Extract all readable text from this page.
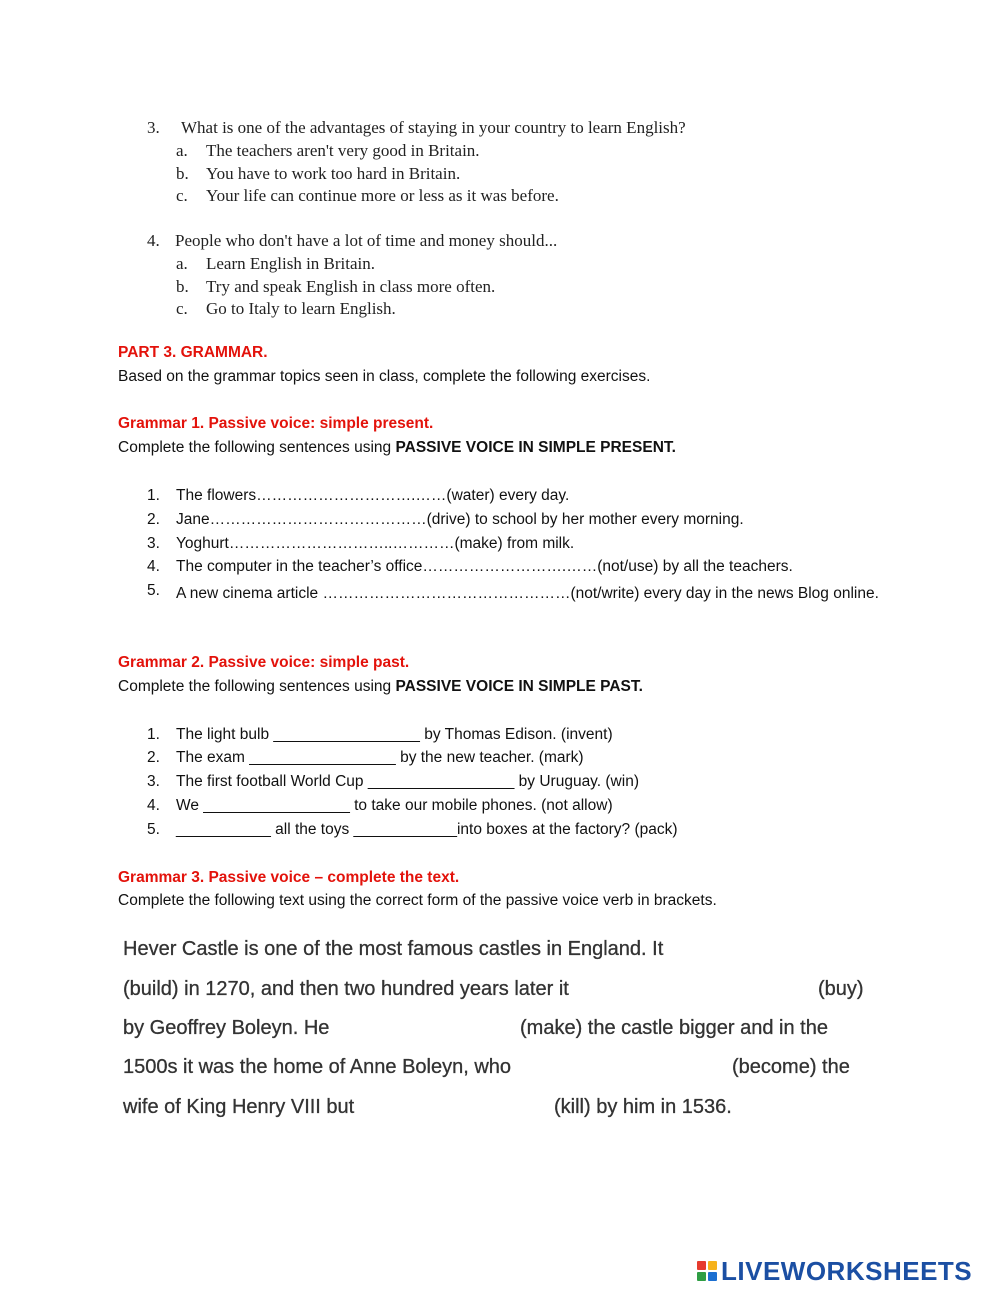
3. What is one of the advantages of staying in your country to learn English?
a. The teachers aren't very good in Britain.
b. You have to work too hard in Britain.
c. Your life can continue more or less as it was before.
4. People who don't have a lot of time and money should...
a. Learn English in Britain.
b. Try and speak English in class more often.
c. Go to Italy to learn English.
PART 3. GRAMMAR.
Based on the grammar topics seen in class, complete the following exercises.
Grammar 1. Passive voice: simple present.
Complete the following sentences using PASSIVE VOICE IN SIMPLE PRESENT.
1. The flowers………………………….……(water) every day.
2. Jane……………………………………(drive) to school by her mother every morning.
3. Yoghurt…………………………..…………(make) from milk.
4. The computer in the teacher’s office……………………….……(not/use) by all the teachers.
5. A new cinema article …………………………………………(not/write) every day in the news Blog online.
Grammar 2. Passive voice: simple past.
Complete the following sentences using PASSIVE VOICE IN SIMPLE PAST.
1. The light bulb _________________ by Thomas Edison. (invent)
2. The exam _________________ by the new teacher. (mark)
3. The first football World Cup _________________ by Uruguay. (win)
4. We _________________ to take our mobile phones. (not allow)
5. ___________ all the toys ____________into boxes at the factory? (pack)
Grammar 3. Passive voice – complete the text.
Complete the following text using the correct form of the passive voice verb in brackets.
Hever Castle is one of the most famous castles in England. It
(build) in 1270, and then two hundred years later it	(buy)
by Geoffrey Boleyn. He	(make) the castle bigger and in the
1500s it was the home of Anne Boleyn, who	(become) the
wife of King Henry VIII but	(kill) by him in 1536.
LIVEWORKSHEETS
